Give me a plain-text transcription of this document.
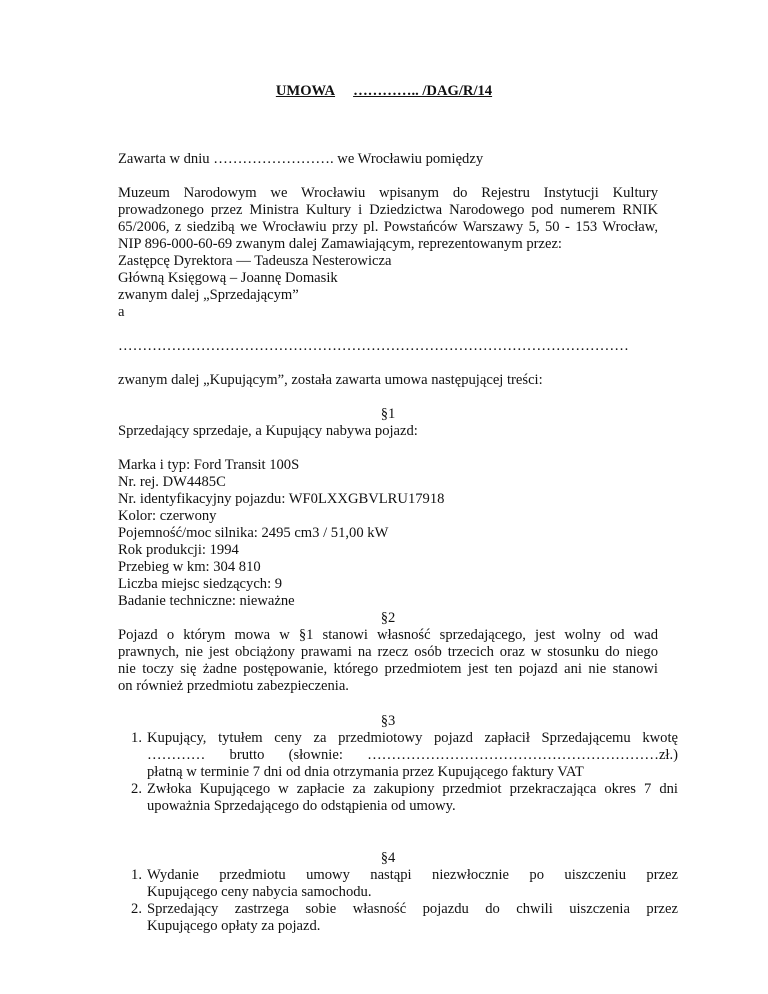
UMOWA ………….. /DAG/R/14
Zawarta w dniu ……………………. we Wrocławiu pomiędzy
Muzeum Narodowym we Wrocławiu wpisanym do Rejestru Instytucji Kultury
prowadzonego przez Ministra Kultury i Dziedzictwa Narodowego pod numerem RNIK
65/2006, z siedzibą we Wrocławiu przy pl. Powstańców Warszawy 5, 50 - 153 Wrocław,
NIP 896-000-60-69 zwanym dalej Zamawiającym, reprezentowanym przez:
Zastępcę Dyrektora — Tadeusza Nesterowicza
Główną Księgową – Joannę Domasik
zwanym dalej „Sprzedającym”
a
……………………………………………………………………………………………
zwanym dalej „Kupującym”, została zawarta umowa następującej treści:
§1
Sprzedający sprzedaje, a Kupujący nabywa pojazd:
Marka i typ: Ford Transit 100S
Nr. rej. DW4485C
Nr. identyfikacyjny pojazdu: WF0LXXGBVLRU17918
Kolor: czerwony
Pojemność/moc silnika: 2495 cm3 / 51,00 kW
Rok produkcji: 1994
Przebieg w km: 304 810
Liczba miejsc siedzących: 9
Badanie techniczne: nieważne
§2
Pojazd o którym mowa w §1 stanowi własność sprzedającego, jest wolny od wad
prawnych, nie jest obciążony prawami na rzecz osób trzecich oraz w stosunku do niego
nie toczy się żadne postępowanie, którego przedmiotem jest ten pojazd ani nie stanowi
on również przedmiotu zabezpieczenia.
§3
1. Kupujący, tytułem ceny za przedmiotowy pojazd zapłacił Sprzedającemu kwotę
………… brutto (słownie: ……………………………………………………zł.)
płatną w terminie 7 dni od dnia otrzymania przez Kupującego faktury VAT
2. Zwłoka Kupującego w zapłacie za zakupiony przedmiot przekraczająca okres 7 dni
upoważnia Sprzedającego do odstąpienia od umowy.
§4
1. Wydanie przedmiotu umowy nastąpi niezwłocznie po uiszczeniu przez
Kupującego ceny nabycia samochodu.
2. Sprzedający zastrzega sobie własność pojazdu do chwili uiszczenia przez
Kupującego opłaty za pojazd.
